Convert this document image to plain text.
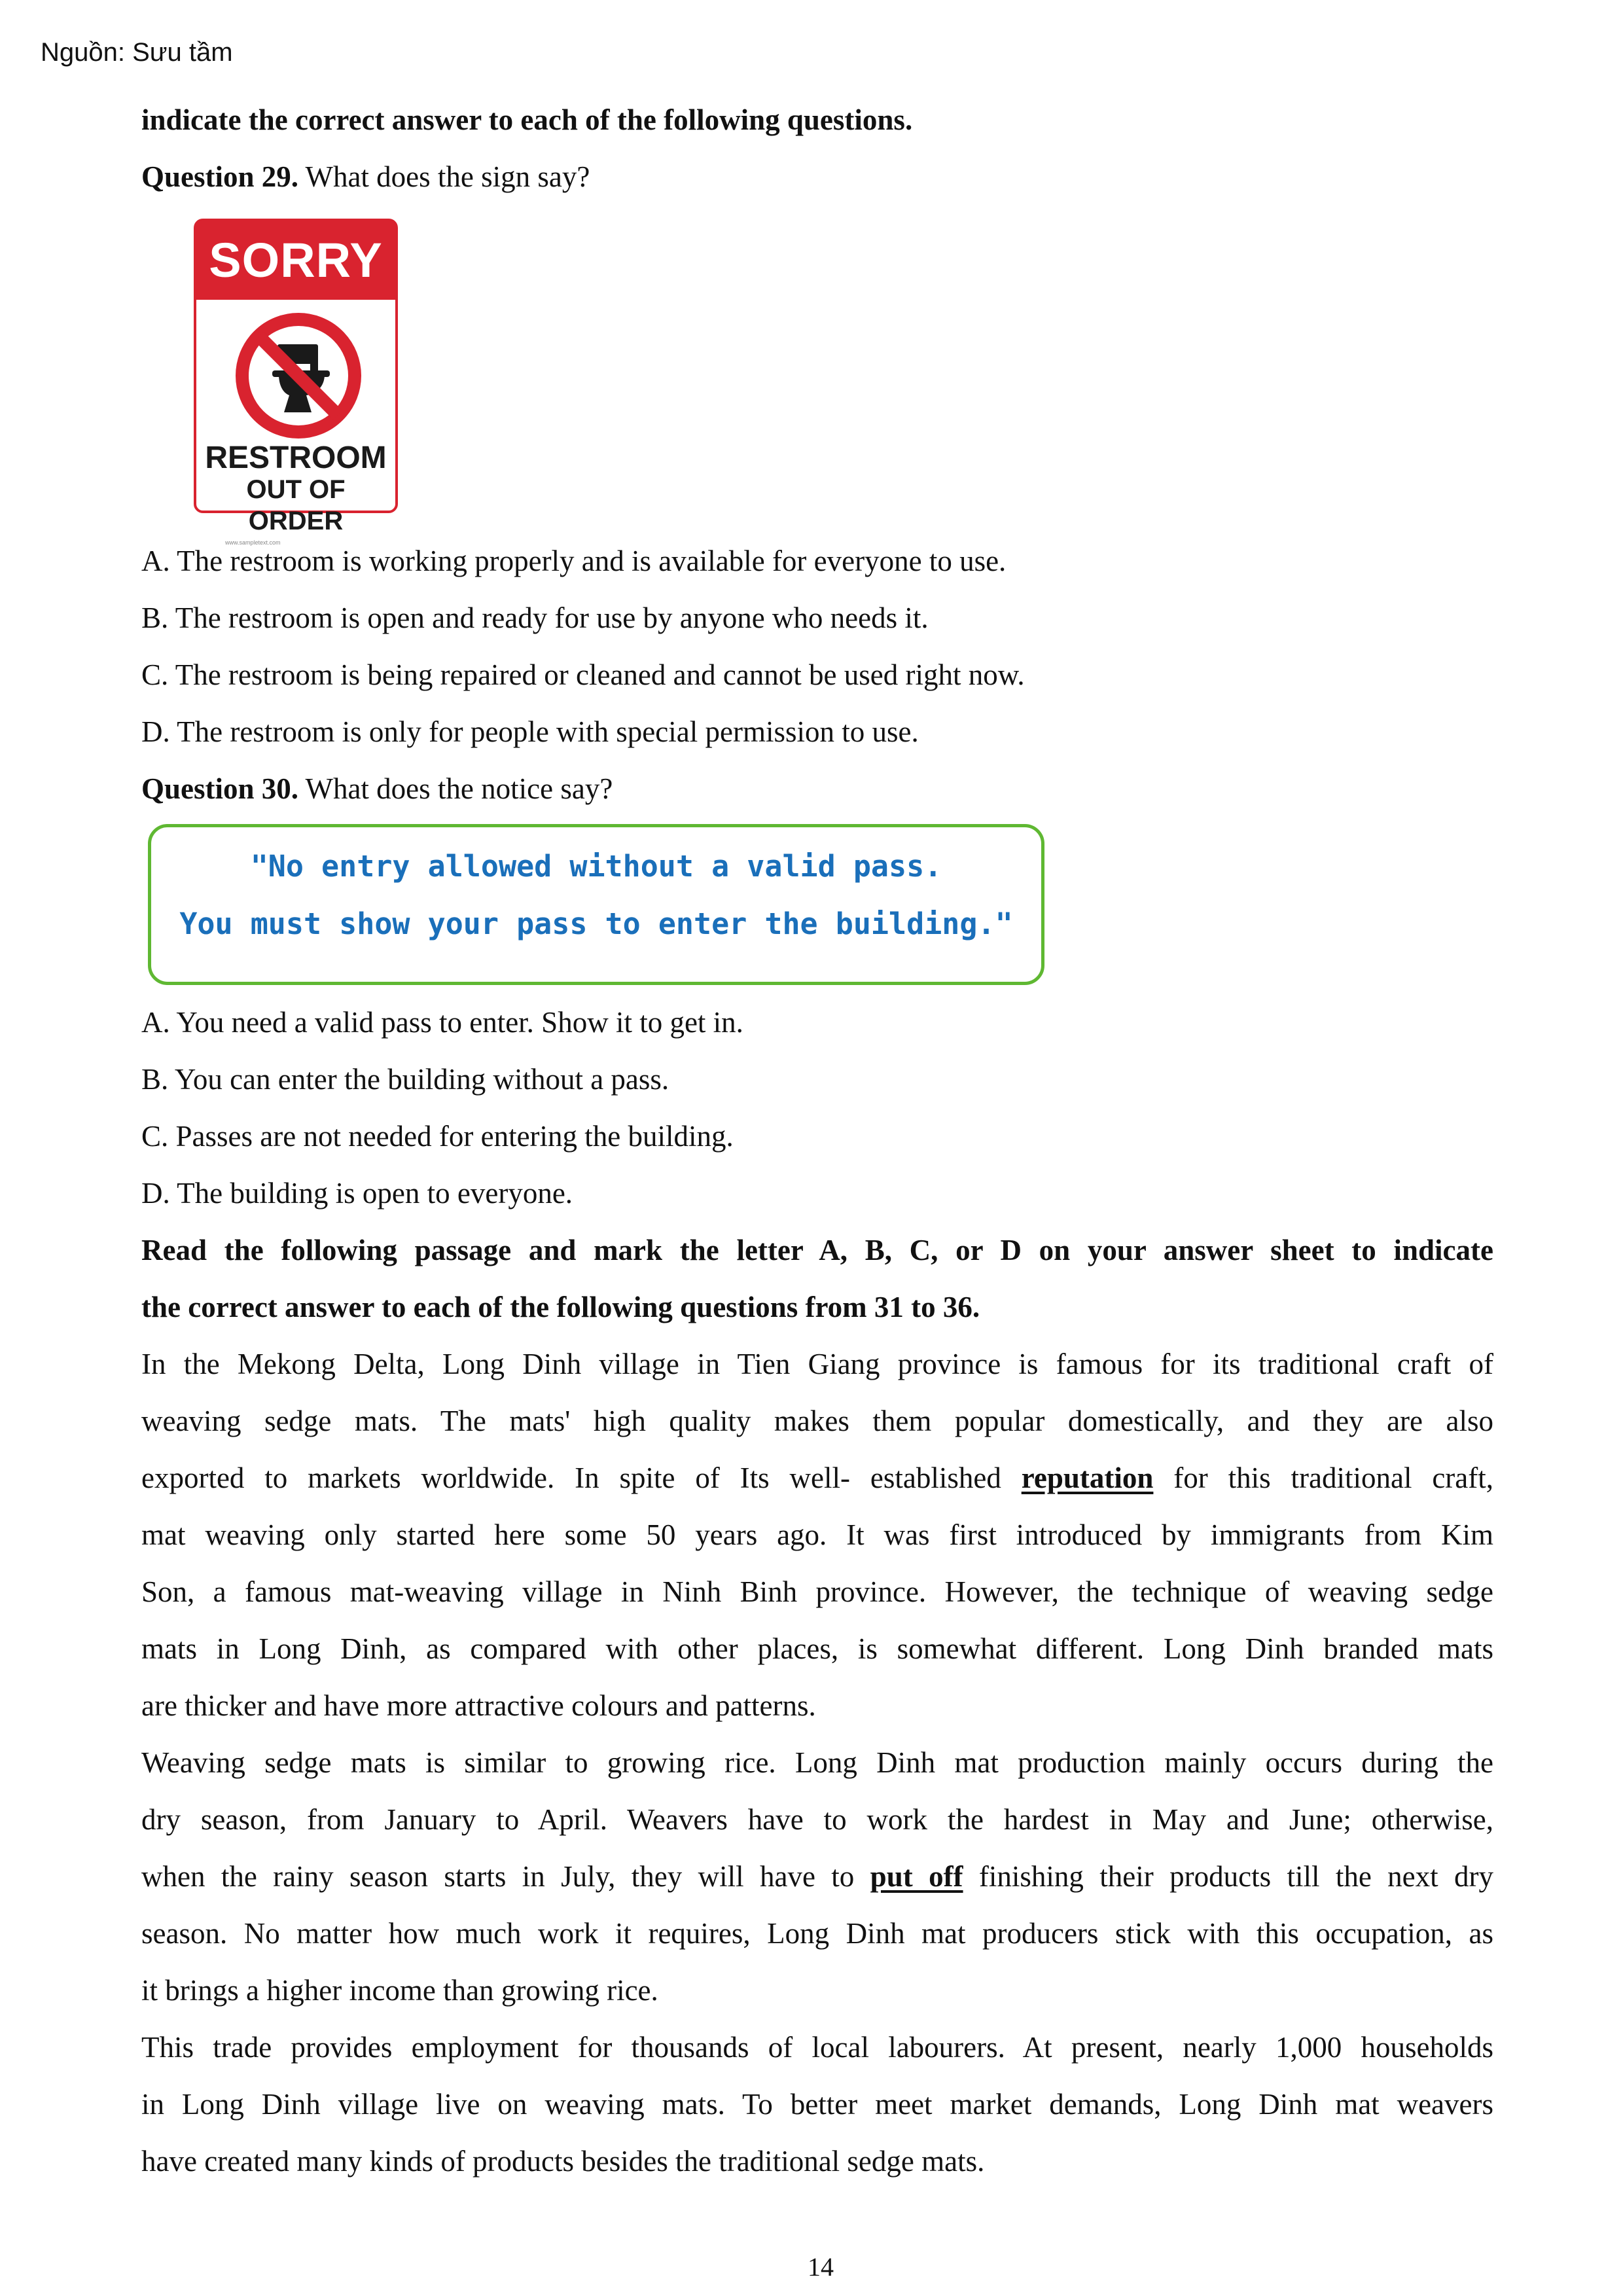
Nguồn: Sưu tầm
indicate the correct answer to each of the following questions.
Question 29. What does the sign say?
SORRY
RESTROOM
OUT OF ORDER
www.sampletext.com
A. The restroom is working properly and is available for everyone to use.
B. The restroom is open and ready for use by anyone who needs it.
C. The restroom is being repaired or cleaned and cannot be used right now.
D. The restroom is only for people with special permission to use.
Question 30. What does the notice say?
"No entry allowed without a valid pass.
You must show your pass to enter the building."
A. You need a valid pass to enter. Show it to get in.
B. You can enter the building without a pass.
C. Passes are not needed for entering the building.
D. The building is open to everyone.
Read the following passage and mark the letter A, B, C, or D on your answer sheet to indicate
the correct answer to each of the following questions from 31 to 36.
In the Mekong Delta, Long Dinh village in Tien Giang province is famous for its traditional craft of
weaving sedge mats. The mats' high quality makes them popular domestically, and they are also
exported to markets worldwide. In spite of Its well- established reputation for this traditional craft,
mat weaving only started here some 50 years ago. It was first introduced by immigrants from Kim
Son, a famous mat-weaving village in Ninh Binh province. However, the technique of weaving sedge
mats in Long Dinh, as compared with other places, is somewhat different. Long Dinh branded mats
are thicker and have more attractive colours and patterns.
Weaving sedge mats is similar to growing rice. Long Dinh mat production mainly occurs during the
dry season, from January to April. Weavers have to work the hardest in May and June; otherwise,
when the rainy season starts in July, they will have to put off finishing their products till the next dry
season. No matter how much work it requires, Long Dinh mat producers stick with this occupation, as
it brings a higher income than growing rice.
This trade provides employment for thousands of local labourers. At present, nearly 1,000 households
in Long Dinh village live on weaving mats. To better meet market demands, Long Dinh mat weavers
have created many kinds of products besides the traditional sedge mats.
14
